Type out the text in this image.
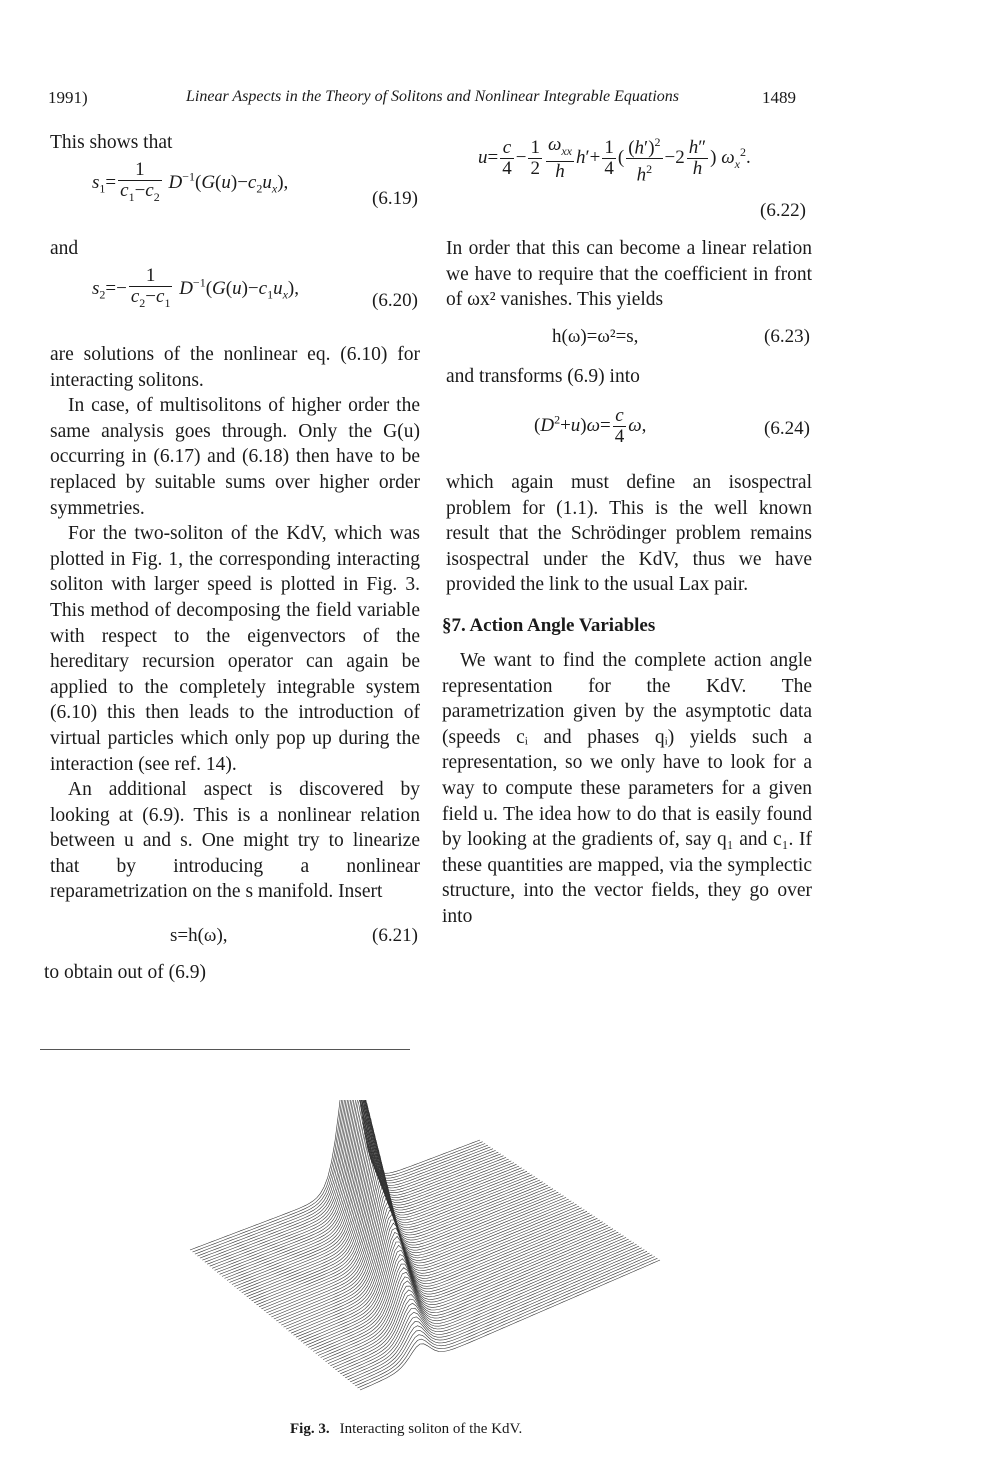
1991)	Linear Aspects in the Theory of Solitons and Nonlinear Integrable Equations	1489

This shows that

$s_1= \frac{1}{c_1-c_2} D^{-1}(G(u)-c_2u_x)$,
(6.19)

and

$s_2=- \frac{1}{c_2-c_1} D^{-1}(G(u)-c_1u_x)$,
(6.20)

are solutions of the nonlinear eq. (6.10) for interacting solitons.

In case, of multisolitons of higher order the same analysis goes through. Only the G(u) occurring in (6.17) and (6.18) then have to be replaced by suitable sums over higher order symmetries.

For the two-soliton of the KdV, which was plotted in Fig. 1, the corresponding interacting soliton with larger speed is plotted in Fig. 3. This method of decomposing the field variable with respect to the eigenvectors of the hereditary recursion operator can again be applied to the completely integrable system (6.10) this then leads to the introduction of virtual particles which only pop up during the interaction (see ref. 14).

An additional aspect is discovered by looking at (6.9). This is a nonlinear relation between u and s. One might try to linearize that by introducing a nonlinear reparametrization on the s manifold. Insert

s=h(ω),	(6.21)

to obtain out of (6.9)

$u= \frac{c}{4} - \frac{1}{2} \frac{\omega_{xx}}{h} h'+ \frac{1}{4}$ ( $\frac{(h')^2}{h^2} -2 \frac{h''}{h}$ ) $\omega_x^2$.
(6.22)

In order that this can become a linear relation we have to require that the coefficient in front of ωx² vanishes. This yields

h(ω)=ω²=s,	(6.23)

and transforms (6.9) into

$(D^2+u)\omega= \frac{c}{4} \omega$,	(6.24)

which again must define an isospectral problem for (1.1). This is the well known result that the Schrödinger problem remains isospectral under the KdV, thus we have provided the link to the usual Lax pair.

§7. Action Angle Variables

We want to find the complete action angle representation for the KdV. The parametrization given by the asymptotic data (speeds cᵢ and phases qᵢ) yields such a representation, so we only have to look for a way to compute these parameters for a given field u. The idea how to do that is easily found by looking at the gradients of, say q₁ and c₁. If these quantities are mapped, via the symplectic structure, into the vector fields, they go over into

Fig. 3. Interacting soliton of the KdV.
